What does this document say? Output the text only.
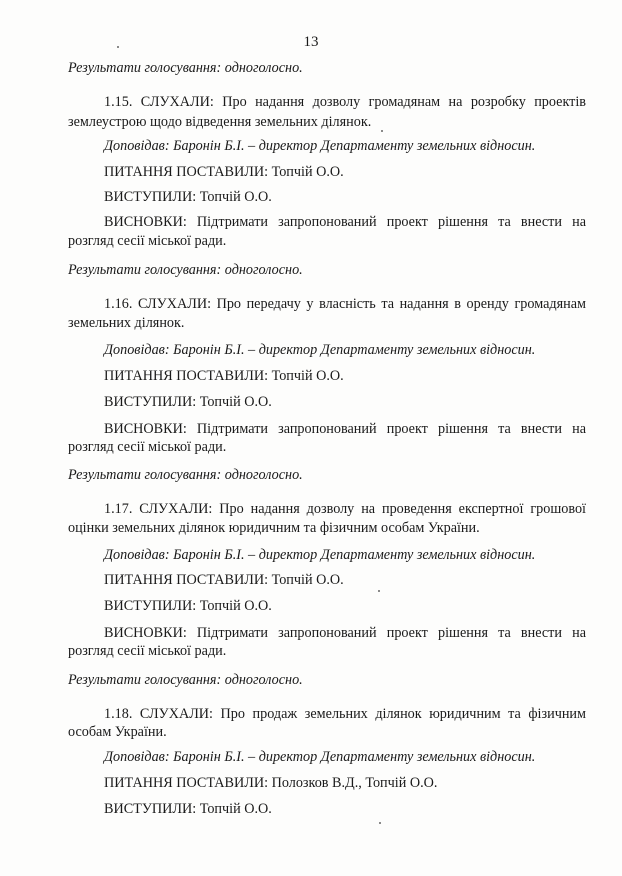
13
Результати голосування: одноголосно.
1.15. СЛУХАЛИ: Про надання дозволу громадянам на розробку проектів
землеустрою щодо відведення земельних ділянок.
Доповідав: Баронін Б.І. – директор Департаменту земельних відносин.
ПИТАННЯ ПОСТАВИЛИ: Топчій О.О.
ВИСТУПИЛИ: Топчій О.О.
ВИСНОВКИ: Підтримати запропонований проект рішення та внести на
розгляд сесії міської ради.
Результати голосування: одноголосно.
1.16. СЛУХАЛИ: Про передачу у власність та надання в оренду громадянам
земельних ділянок.
Доповідав: Баронін Б.І. – директор Департаменту земельних відносин.
ПИТАННЯ ПОСТАВИЛИ: Топчій О.О.
ВИСТУПИЛИ: Топчій О.О.
ВИСНОВКИ: Підтримати запропонований проект рішення та внести на
розгляд сесії міської ради.
Результати голосування: одноголосно.
1.17. СЛУХАЛИ: Про надання дозволу на проведення експертної грошової
оцінки земельних ділянок юридичним та фізичним особам України.
Доповідав: Баронін Б.І. – директор Департаменту земельних відносин.
ПИТАННЯ ПОСТАВИЛИ: Топчій О.О.
ВИСТУПИЛИ: Топчій О.О.
ВИСНОВКИ: Підтримати запропонований проект рішення та внести на
розгляд сесії міської ради.
Результати голосування: одноголосно.
1.18. СЛУХАЛИ: Про продаж земельних ділянок юридичним та фізичним
особам України.
Доповідав: Баронін Б.І. – директор Департаменту земельних відносин.
ПИТАННЯ ПОСТАВИЛИ: Полозков В.Д., Топчій О.О.
ВИСТУПИЛИ: Топчій О.О.
